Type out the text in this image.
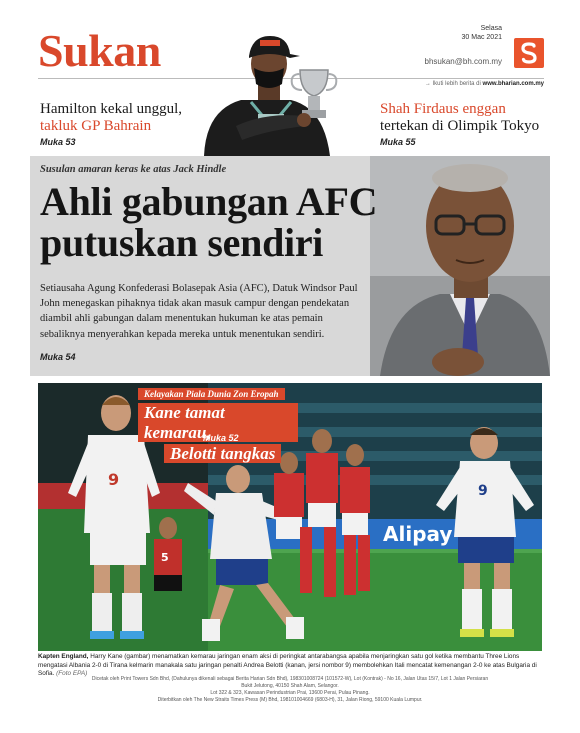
Sukan	Selasa
30 Mac 2021
bhsukan@bh.com.my
→ Ikuti lebih berita di www.bharian.com.my
Hamilton kekal unggul,
takluk GP Bahrain
Muka 53
Shah Firdaus enggan
tertekan di Olimpik Tokyo
Muka 55
Susulan amaran keras ke atas Jack Hindle
Ahli gabungan AFC
putuskan sendiri
Setiausaha Agung Konfederasi Bolasepak Asia (AFC), Datuk Windsor Paul John menegaskan pihaknya tidak akan masuk campur dengan pendekatan diambil ahli gabungan dalam menentukan hukuman ke atas pemain sebaliknya menyerahkan kepada mereka untuk menentukan sendiri.
Muka 54
Alipay
9
5
9
Kelayakan Piala Dunia Zon Eropah
Kane tamat kemarau,
Belotti tangkas
Muka 52
Kapten England, Harry Kane (gambar) menamatkan kemarau jaringan enam aksi di peringkat antarabangsa apabila menjaringkan satu gol ketika membantu Three Lions mengatasi Albania 2-0 di Tirana kelmarin manakala satu jaringan penalti Andrea Belotti (kanan, jersi nombor 9) membolehkan Itali mencatat kemenangan 2-0 ke atas Bulgaria di Sofia. (Foto EPA)
Dicetak oleh Print Towers Sdn Bhd, (Dahulunya dikenali sebagai Berita Harian Sdn Bhd), 198301008724 (101572-W), Lot (Kontrak) - No 16, Jalan Utas 15/7, Lot 1 Jalan Persiaran Bukit Jelutong, 40150 Shah Alam, Selangor.
Lot 322 & 323, Kawasan Perindustrian Prai, 13600 Perai, Pulau Pinang.
Diterbitkan oleh The New Straits Times Press (M) Bhd, 198101004669 (6803-H), 31, Jalan Riong, 59100 Kuala Lumpur.
